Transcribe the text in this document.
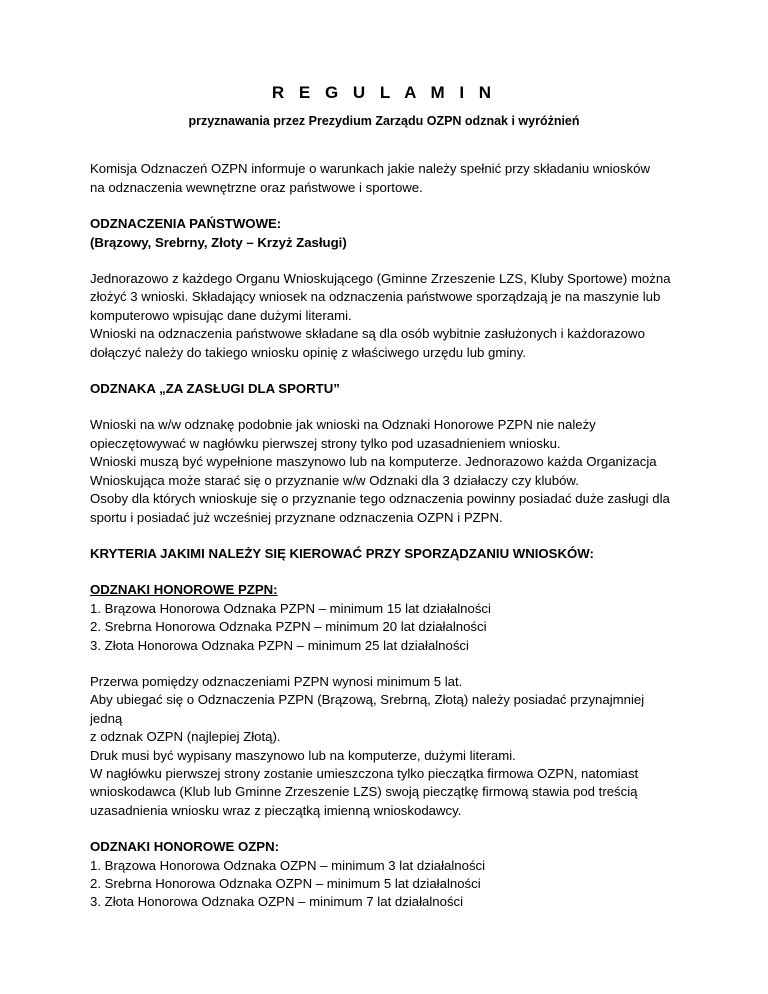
R E G U L A M I N
przyznawania przez Prezydium Zarządu OZPN odznak i wyróżnień

Komisja Odznaczeń OZPN informuje o warunkach jakie należy spełnić przy składaniu wniosków

na odznaczenia wewnętrzne oraz państwowe i sportowe.

ODZNACZENIA PAŃSTWOWE:

(Brązowy, Srebrny, Złoty – Krzyż Zasługi)

Jednorazowo z każdego Organu Wnioskującego (Gminne Zrzeszenie LZS, Kluby Sportowe) można

złożyć 3 wnioski. Składający wniosek na odznaczenia państwowe sporządzają je na maszynie lub

komputerowo wpisując dane dużymi literami.

Wnioski na odznaczenia państwowe składane są dla osób wybitnie zasłużonych i każdorazowo

dołączyć należy do takiego wniosku opinię z właściwego urzędu lub gminy.

ODZNAKA „ZA ZASŁUGI DLA SPORTU”

Wnioski na w/w odznakę podobnie jak wnioski na Odznaki Honorowe PZPN nie należy

opieczętowywać w nagłówku pierwszej strony tylko pod uzasadnieniem wniosku.

Wnioski muszą być wypełnione maszynowo lub na komputerze. Jednorazowo każda Organizacja

Wnioskująca może starać się o przyznanie w/w Odznaki dla 3 działaczy czy klubów.

Osoby dla których wnioskuje się o przyznanie tego odznaczenia powinny posiadać duże zasługi dla

sportu i posiadać już wcześniej przyznane odznaczenia OZPN i PZPN.

KRYTERIA JAKIMI NALEŻY SIĘ KIEROWAĆ PRZY SPORZĄDZANIU WNIOSKÓW:

ODZNAKI HONOROWE PZPN:

1. Brązowa Honorowa Odznaka PZPN – minimum 15 lat działalności
2. Srebrna Honorowa Odznaka PZPN – minimum 20 lat działalności
3. Złota Honorowa Odznaka PZPN – minimum 25 lat działalności

Przerwa pomiędzy odznaczeniami PZPN wynosi minimum 5 lat.

Aby ubiegać się o Odznaczenia PZPN (Brązową, Srebrną, Złotą) należy posiadać przynajmniej jedną

z odznak OZPN (najlepiej Złotą).

Druk musi być wypisany maszynowo lub na komputerze, dużymi literami.

W nagłówku pierwszej strony zostanie umieszczona tylko pieczątka firmowa OZPN, natomiast

wnioskodawca (Klub lub Gminne Zrzeszenie LZS) swoją pieczątkę firmową stawia pod treścią

uzasadnienia wniosku wraz z pieczątką imienną wnioskodawcy.

ODZNAKI HONOROWE OZPN:

1. Brązowa Honorowa Odznaka OZPN – minimum 3 lat działalności
2. Srebrna Honorowa Odznaka OZPN – minimum 5 lat działalności
3. Złota Honorowa Odznaka OZPN – minimum 7 lat działalności
